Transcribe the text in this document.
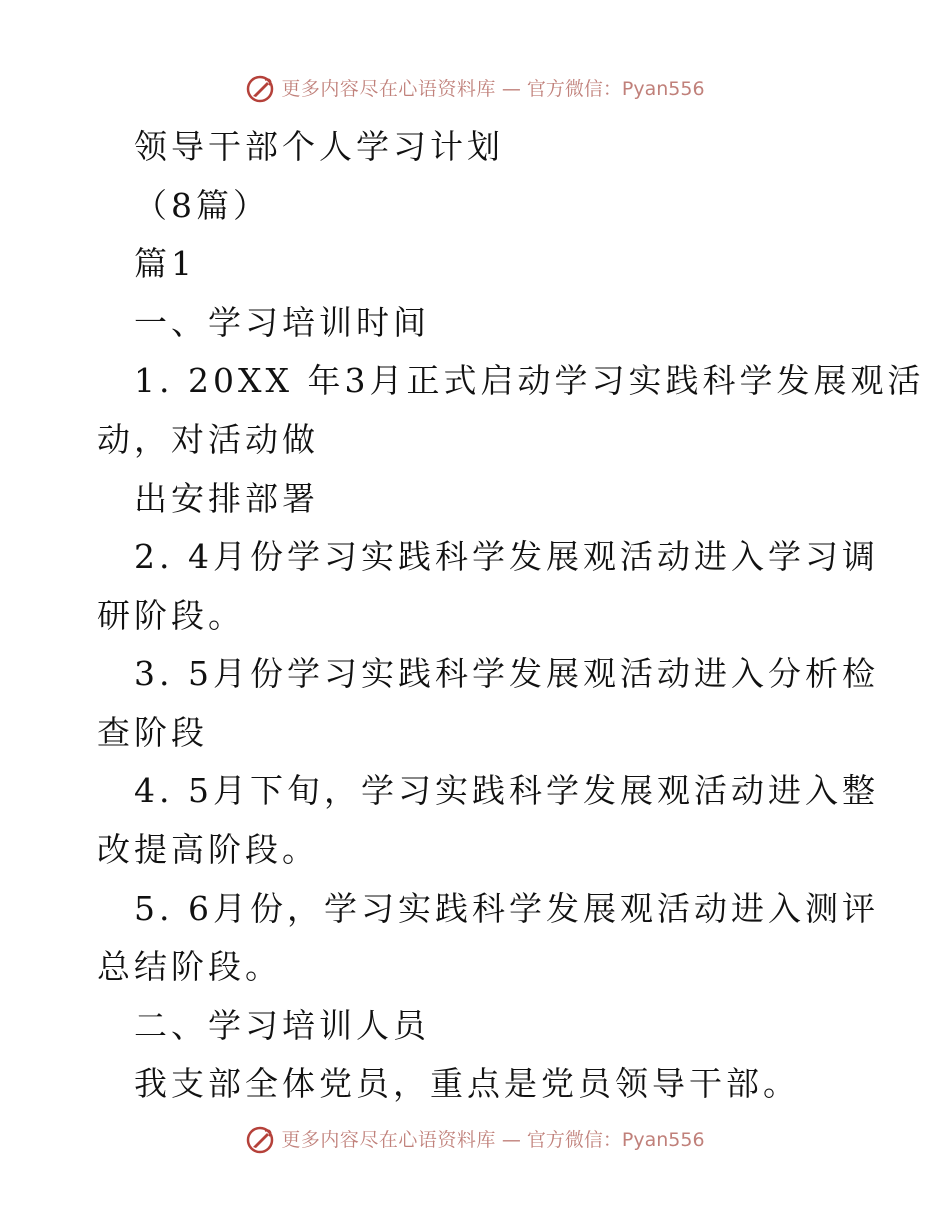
更多内容尽在心语资料库 — 官方微信：Pyan556
领导干部个人学习计划
（8篇）
篇1
一、学习培训时间
1. 20XX 年3月正式启动学习实践科学发展观活
动，对活动做
出安排部署
2. 4月份学习实践科学发展观活动进入学习调
研阶段。
3. 5月份学习实践科学发展观活动进入分析检
查阶段
4. 5月下旬，学习实践科学发展观活动进入整
改提高阶段。
5. 6月份，学习实践科学发展观活动进入测评
总结阶段。
二、学习培训人员
我支部全体党员，重点是党员领导干部。
更多内容尽在心语资料库 — 官方微信：Pyan556
